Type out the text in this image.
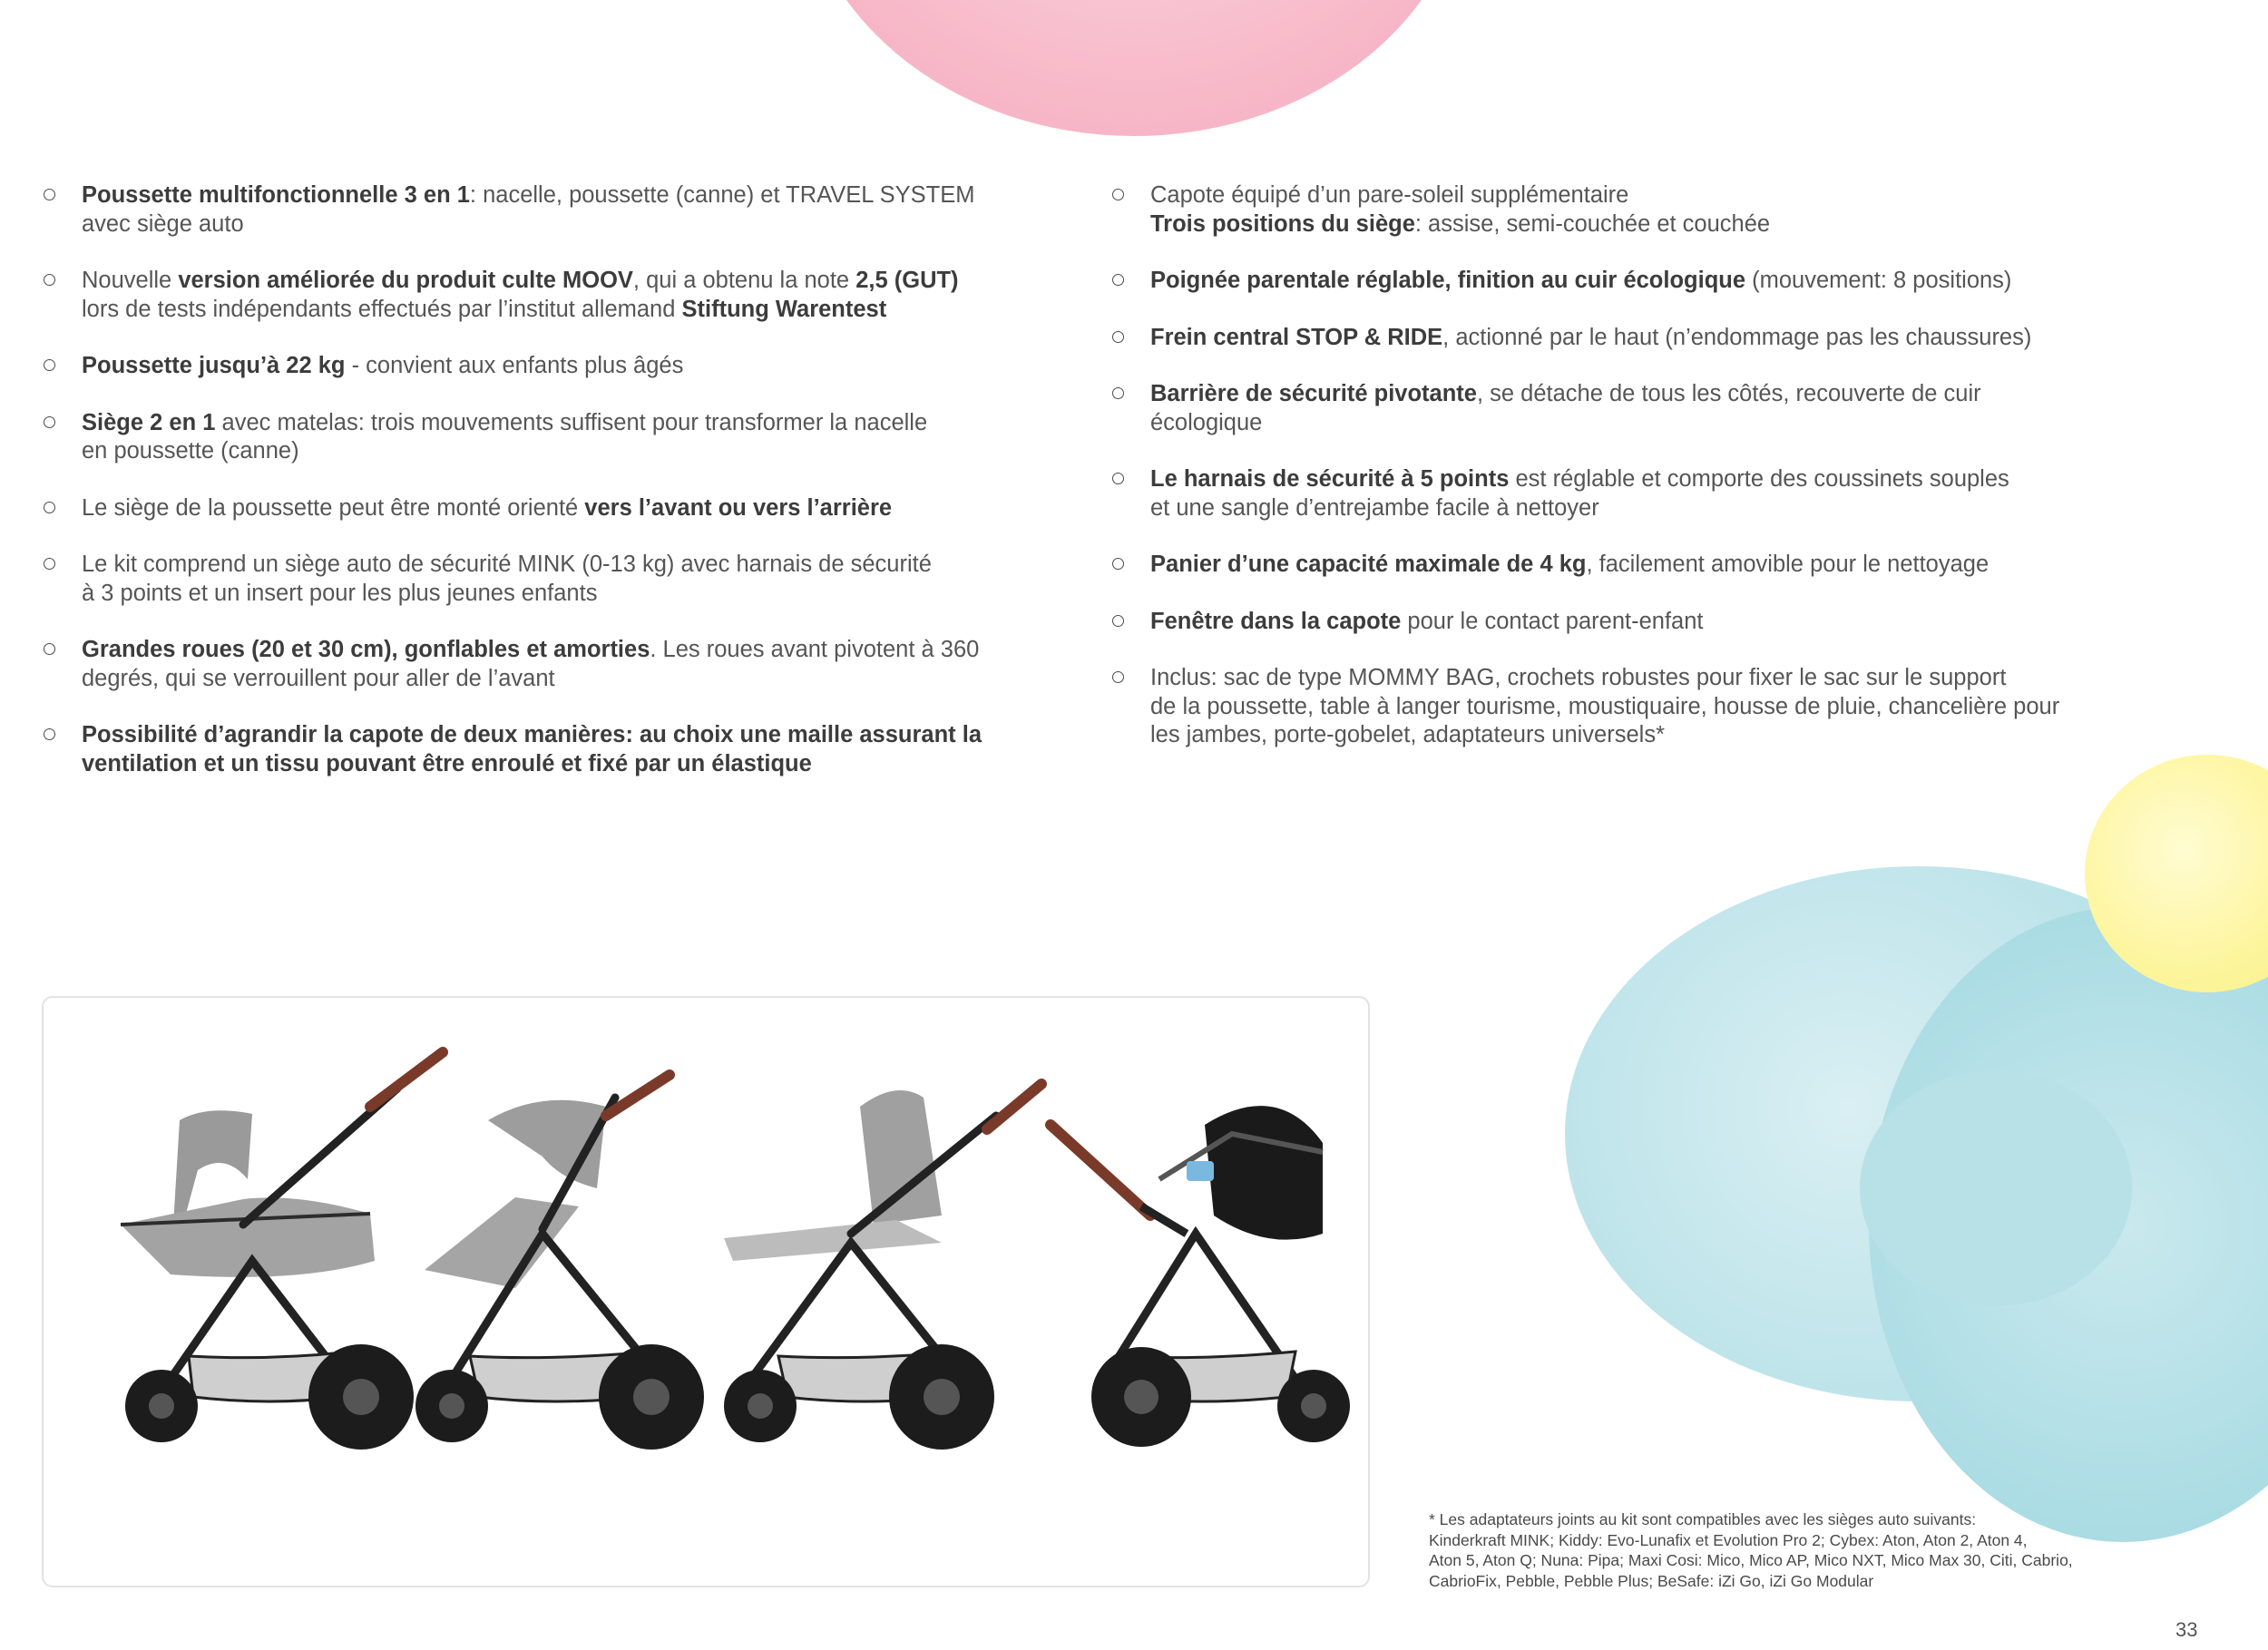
Poussette multifonctionnelle 3 en 1: nacelle, poussette (canne) et TRAVEL SYSTEM
avec siège auto
Nouvelle version améliorée du produit culte MOOV, qui a obtenu la note 2,5 (GUT)
lors de tests indépendants effectués par l’institut allemand Stiftung Warentest
Poussette jusqu’à 22 kg - convient aux enfants plus âgés
Siège 2 en 1 avec matelas: trois mouvements suffisent pour transformer la nacelle
en poussette (canne)
Le siège de la poussette peut être monté orienté vers l’avant ou vers l’arrière
Le kit comprend un siège auto de sécurité MINK (0-13 kg) avec harnais de sécurité
à 3 points et un insert pour les plus jeunes enfants
Grandes roues (20 et 30 cm), gonflables et amorties. Les roues avant pivotent à 360
degrés, qui se verrouillent pour aller de l’avant
Possibilité d’agrandir la capote de deux manières: au choix une maille assurant la
ventilation et un tissu pouvant être enroulé et fixé par un élastique
Capote équipé d’un pare-soleil supplémentaire
Trois positions du siège: assise, semi-couchée et couchée
Poignée parentale réglable, finition au cuir écologique (mouvement: 8 positions)
Frein central STOP & RIDE, actionné par le haut (n’endommage pas les chaussures)
Barrière de sécurité pivotante, se détache de tous les côtés, recouverte de cuir
écologique
Le harnais de sécurité à 5 points est réglable et comporte des coussinets souples
et une sangle d’entrejambe facile à nettoyer
Panier d’une capacité maximale de 4 kg, facilement amovible pour le nettoyage
Fenêtre dans la capote pour le contact parent-enfant
Inclus: sac de type MOMMY BAG, crochets robustes pour fixer le sac sur le support
de la poussette, table à langer tourisme, moustiquaire, housse de pluie, chancelière pour
les jambes, porte-gobelet, adaptateurs universels*
* Les adaptateurs joints au kit sont compatibles avec les sièges auto suivants:
Kinderkraft MINK; Kiddy: Evo-Lunafix et Evolution Pro 2; Cybex: Aton, Aton 2, Aton 4,
Aton 5, Aton Q; Nuna: Pipa; Maxi Cosi: Mico, Mico AP, Mico NXT, Mico Max 30, Citi, Cabrio,
CabrioFix, Pebble, Pebble Plus; BeSafe: iZi Go, iZi Go Modular
33
